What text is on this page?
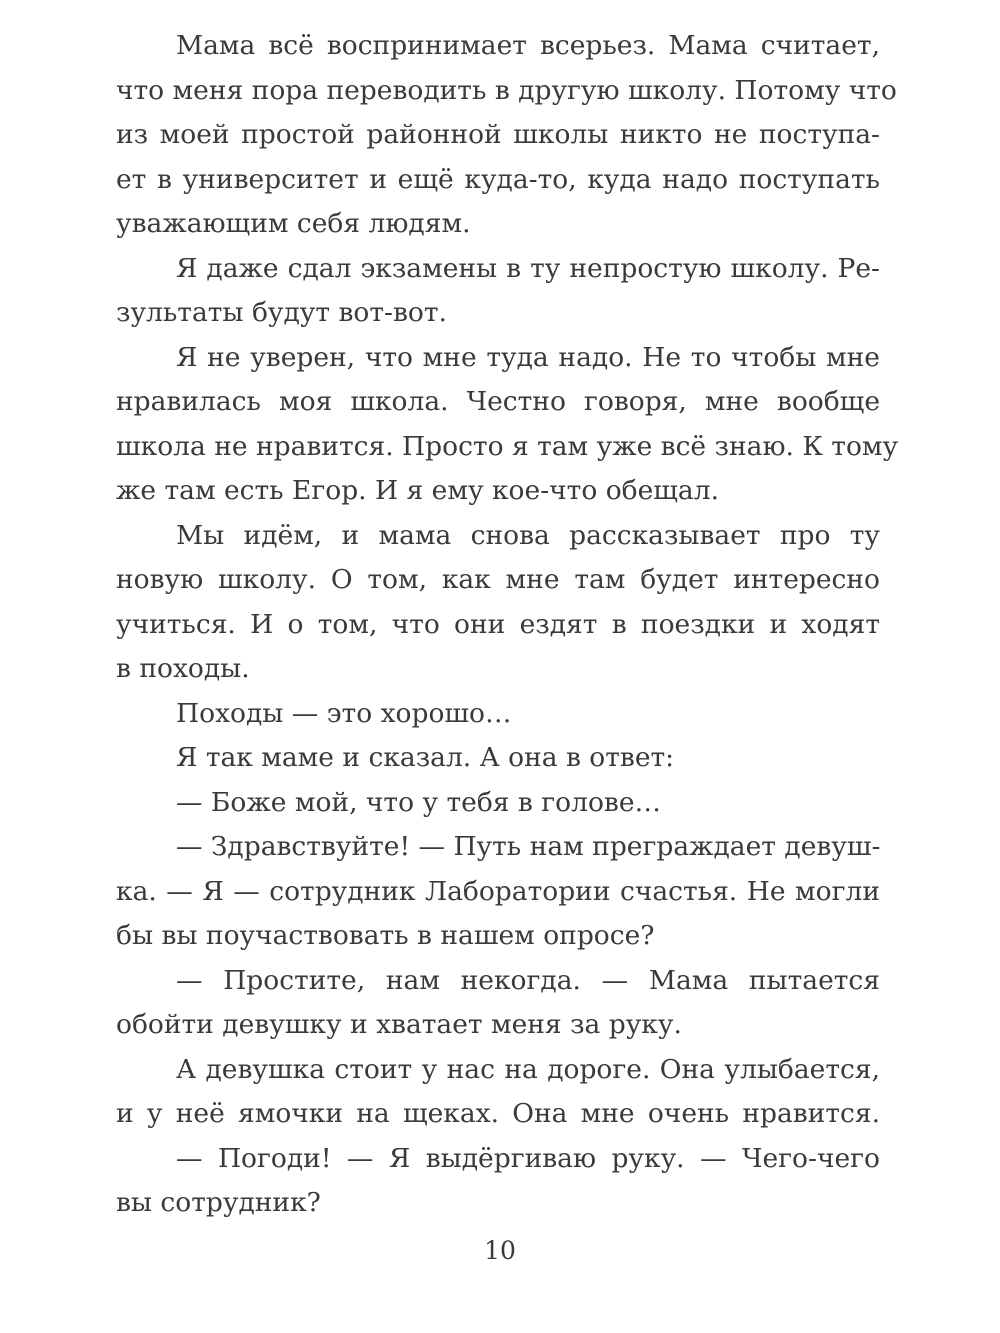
Мама всё воспринимает всерьез. Мама считает,
что меня пора переводить в другую школу. Потому что
из моей простой районной школы никто не поступа-
ет в университет и ещё куда-то, куда надо поступать
уважающим себя людям.
Я даже сдал экзамены в ту непростую школу. Ре-
зультаты будут вот-вот.
Я не уверен, что мне туда надо. Не то чтобы мне
нравилась моя школа. Честно говоря, мне вообще
школа не нравится. Просто я там уже всё знаю. К тому
же там есть Егор. И я ему кое-что обещал.
Мы идём, и мама снова рассказывает про ту
новую школу. О том, как мне там будет интересно
учиться. И о том, что они ездят в поездки и ходят
в походы.
Походы — это хорошо…
Я так маме и сказал. А она в ответ:
— Боже мой, что у тебя в голове…
— Здравствуйте! — Путь нам преграждает девуш-
ка. — Я — сотрудник Лаборатории счастья. Не могли
бы вы поучаствовать в нашем опросе?
— Простите, нам некогда. — Мама пытается
обойти девушку и хватает меня за руку.
А девушка стоит у нас на дороге. Она улыбается,
и у неё ямочки на щеках. Она мне очень нравится.
— Погоди! — Я выдёргиваю руку. — Чего-чего
вы сотрудник?
10
